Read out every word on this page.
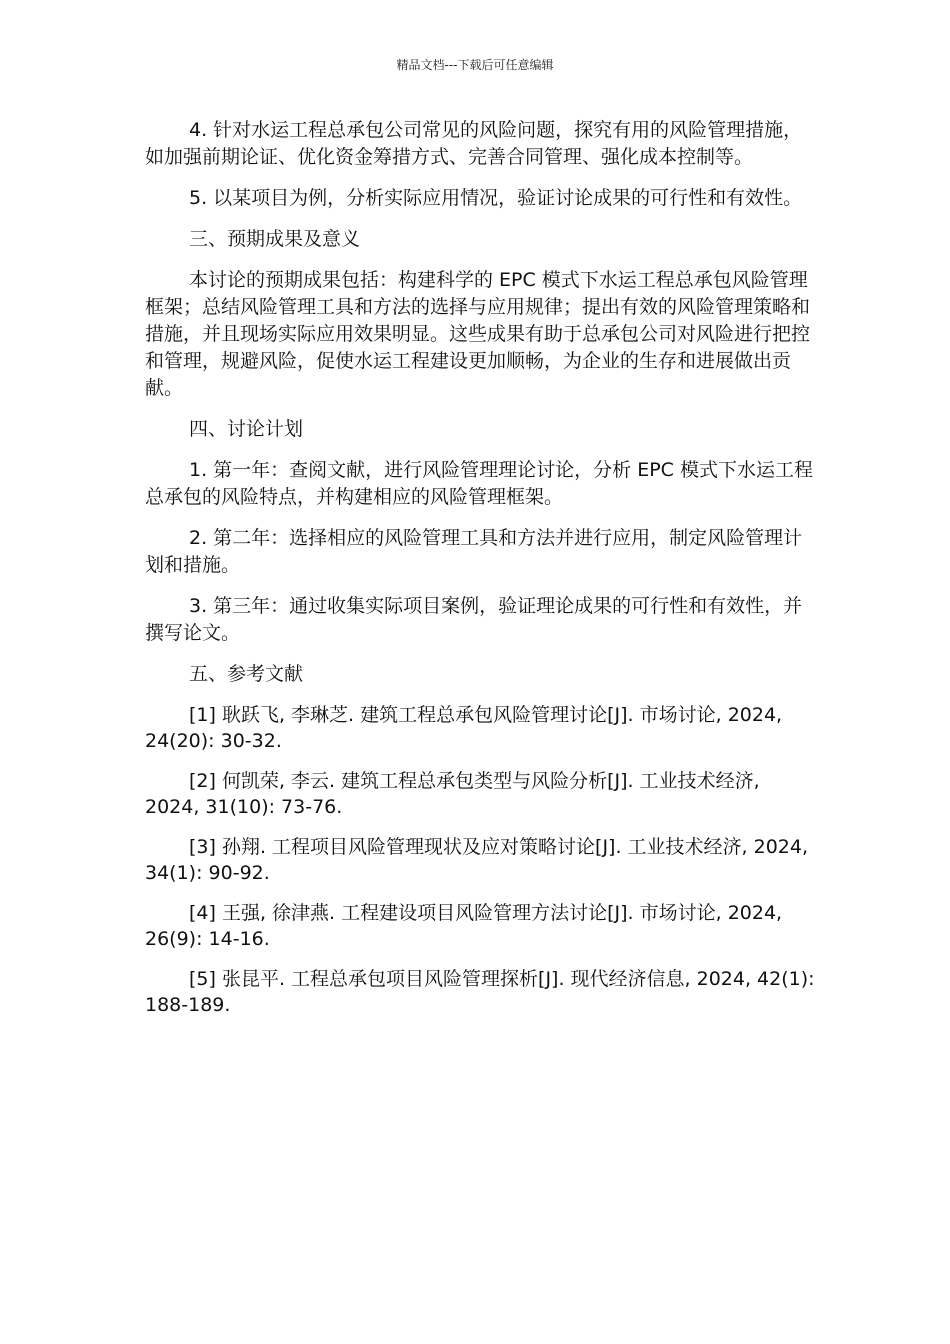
精品文档---下载后可任意编辑

4. 针对水运工程总承包公司常见的风险问题，探究有用的风险管理措施，如加强前期论证、优化资金筹措方式、完善合同管理、强化成本控制等。

5. 以某项目为例，分析实际应用情况，验证讨论成果的可行性和有效性。

三、预期成果及意义

本讨论的预期成果包括：构建科学的 EPC 模式下水运工程总承包风险管理框架；总结风险管理工具和方法的选择与应用规律；提出有效的风险管理策略和措施，并且现场实际应用效果明显。这些成果有助于总承包公司对风险进行把控和管理，规避风险，促使水运工程建设更加顺畅，为企业的生存和进展做出贡献。

四、讨论计划

1. 第一年：查阅文献，进行风险管理理论讨论，分析 EPC 模式下水运工程总承包的风险特点，并构建相应的风险管理框架。

2. 第二年：选择相应的风险管理工具和方法并进行应用，制定风险管理计划和措施。

3. 第三年：通过收集实际项目案例，验证理论成果的可行性和有效性，并撰写论文。

五、参考文献

[1] 耿跃飞, 李琳芝. 建筑工程总承包风险管理讨论[J]. 市场讨论, 2024, 24(20): 30-32.

[2] 何凯荣, 李云. 建筑工程总承包类型与风险分析[J]. 工业技术经济, 2024, 31(10): 73-76.

[3] 孙翔. 工程项目风险管理现状及应对策略讨论[J]. 工业技术经济, 2024, 34(1): 90-92.

[4] 王强, 徐津燕. 工程建设项目风险管理方法讨论[J]. 市场讨论, 2024, 26(9): 14-16.

[5] 张昆平. 工程总承包项目风险管理探析[J]. 现代经济信息, 2024, 42(1): 188-189.
